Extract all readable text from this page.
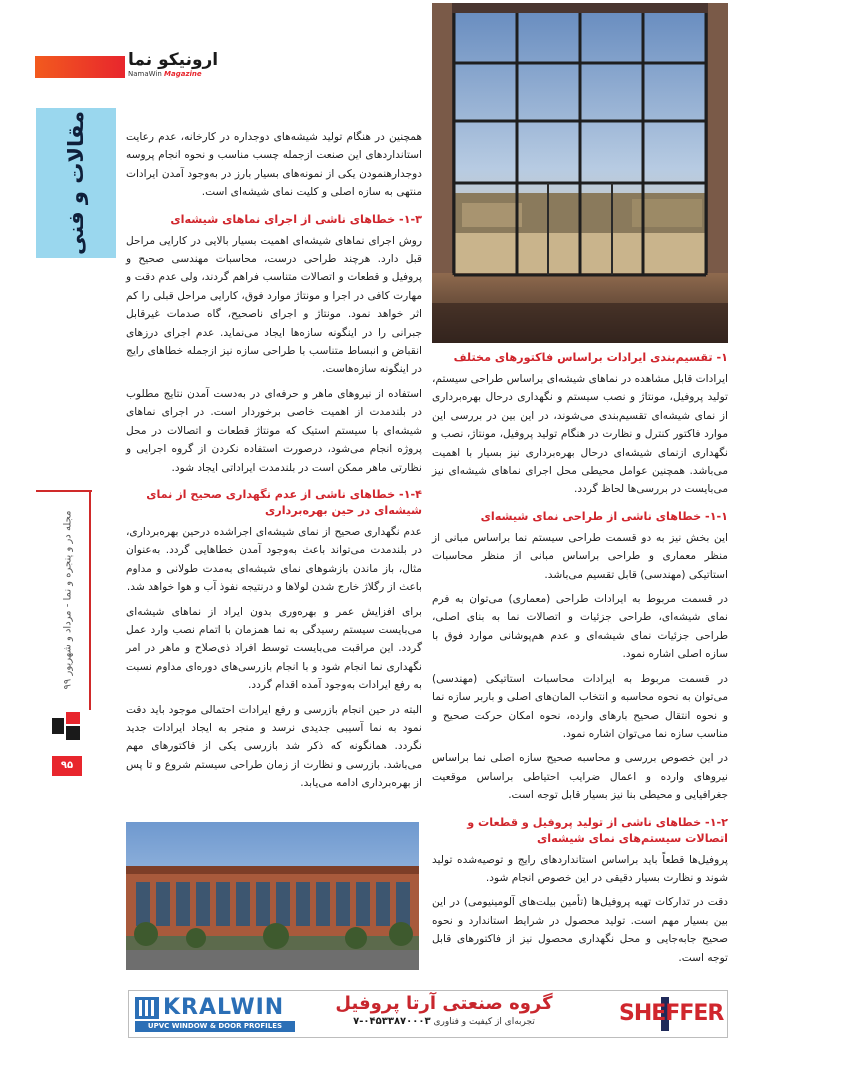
ارونیکو نما
NamaWin Magazine
مقالات و فنی
مجله در و پنجره و نما - مرداد و شهریور ۹۹
۹۵

همچنین در هنگام تولید شیشه‌های دوجداره در کارخانه، عدم رعایت استانداردهای این صنعت ازجمله چسب مناسب و نحوه انجام پروسه دوجدارهنمودن یکی از نمونه‌های بسیار بارز در به‌وجود آمدن ایرادات منتهی به سازه اصلی و کلیت نمای شیشه‌ای است.

۱-۳- خطاهای ناشی از اجرای نماهای شیشه‌ای

روش اجرای نماهای شیشه‌ای اهمیت بسیار بالایی در کارایی مراحل قبل دارد. هرچند طراحی درست، محاسبات مهندسی صحیح و پروفیل و قطعات و اتصالات متناسب فراهم گردند، ولی عدم دقت و مهارت کافی در اجرا و مونتاژ موارد فوق، کارایی مراحل قبلی را کم اثر خواهد نمود. مونتاژ و اجرای ناصحیح، گاه صدمات غیرقابل جبرانی را در اینگونه سازه‌ها ایجاد می‌نماید. عدم اجرای درزهای انقباض و انبساط متناسب با طراحی سازه نیز ازجمله خطاهای رایج در اینگونه سازه‌هاست.

استفاده از نیروهای ماهر و حرفه‌ای در به‌دست آمدن نتایج مطلوب در بلندمدت از اهمیت خاصی برخوردار است. در اجرای نماهای شیشه‌ای با سیستم استیک که مونتاژ قطعات و اتصالات در محل پروژه انجام می‌شود، درصورت استفاده نکردن از گروه اجرایی و نظارتی ماهر ممکن است در بلندمدت ایراداتی ایجاد شود.

۱-۴- خطاهای ناشی از عدم نگهداری صحیح از نمای شیشه‌ای در حین بهره‌برداری

عدم نگهداری صحیح از نمای شیشه‌ای اجراشده درحین بهره‌برداری، در بلندمدت می‌تواند باعث به‌وجود آمدن خطاهایی گردد. به‌عنوان مثال، باز ماندن بازشوهای نمای شیشه‌ای به‌مدت طولانی و مداوم باعث از رگلاژ خارج شدن لولاها و درنتیجه نفوذ آب و هوا خواهد شد.

برای افزایش عمر و بهره‌وری بدون ایراد از نماهای شیشه‌ای می‌بایست سیستم رسیدگی به نما همزمان با اتمام نصب وارد عمل گردد. این مراقبت می‌بایست توسط افراد ذی‌صلاح و ماهر در امر نگهداری نما انجام شود و با انجام بازرسی‌های دوره‌ای مداوم نسبت به رفع ایرادات به‌وجود آمده اقدام گردد.

البته در حین انجام بازرسی و رفع ایرادات احتمالی موجود باید دقت نمود به نما آسیبی جدیدی نرسد و منجر به ایجاد ایرادات جدید نگردد. همانگونه که ذکر شد بازرسی یکی از فاکتورهای مهم می‌باشد. بازرسی و نظارت از زمان طراحی سیستم شروع و تا پس از بهره‌برداری ادامه می‌یابد.

۱- تقسیم‌بندی ایرادات براساس فاکتورهای مختلف

ایرادات قابل مشاهده در نماهای شیشه‌ای براساس طراحی سیستم، تولید پروفیل، مونتاژ و نصب سیستم و نگهداری درحال بهره‌برداری از نمای شیشه‌ای تقسیم‌بندی می‌شوند، در این بین در بررسی این موارد فاکتور کنترل و نظارت در هنگام تولید پروفیل، مونتاژ، نصب و نگهداری ازنمای شیشه‌ای درحال بهره‌برداری نیز بسیار با اهمیت می‌باشد. همچنین عوامل محیطی محل اجرای نماهای شیشه‌ای نیز می‌بایست در بررسی‌ها لحاظ گردد.

۱-۱- خطاهای ناشی از طراحی نمای شیشه‌ای

این بخش نیز به دو قسمت طراحی سیستم نما براساس مبانی از منظر معماری و طراحی براساس مبانی از منظر محاسبات استاتیکی (مهندسی) قابل تقسیم می‌باشد.

در قسمت مربوط به ایرادات طراحی (معماری) می‌توان به فرم نمای شیشه‌ای، طراحی جزئیات و اتصالات نما به بنای اصلی، طراحی جزئیات نمای شیشه‌ای و عدم هم‌پوشانی موارد فوق با سازه اصلی اشاره نمود.

در قسمت مربوط به ایرادات محاسبات استاتیکی (مهندسی) می‌توان به نحوه محاسبه و انتخاب المان‌های اصلی و باربر سازه نما و نحوه انتقال صحیح بارهای وارده، نحوه امکان حرکت صحیح و مناسب سازه نما می‌توان اشاره نمود.

در این خصوص بررسی و محاسبه صحیح سازه اصلی نما براساس نیروهای وارده و اعمال ضرایب احتیاطی براساس موقعیت جغرافیایی و محیطی بنا نیز بسیار قابل توجه است.

۱-۲- خطاهای ناشی از تولید پروفیل و قطعات و اتصالات سیستم‌های نمای شیشه‌ای

پروفیل‌ها قطعاً باید براساس استانداردهای رایج و توصیه‌شده تولید شوند و نظارت بسیار دقیقی در این خصوص انجام شود.

دقت در تدارکات تهیه پروفیل‌ها (تأمین بیلت‌های آلومینیومی) در این بین بسیار مهم است. تولید محصول در شرایط استاندارد و نحوه صحیح جابه‌جایی و محل نگهداری محصول نیز از فاکتورهای قابل توجه است.

KRALWIN
UPVC WINDOW & DOOR PROFILES
گروه صنعتی آرتا پروفیل
تجربه‌ای از کیفیت و فناوری ۰۴۵۳۳۸۷۰۰۰۳-۷	SHEFFER
